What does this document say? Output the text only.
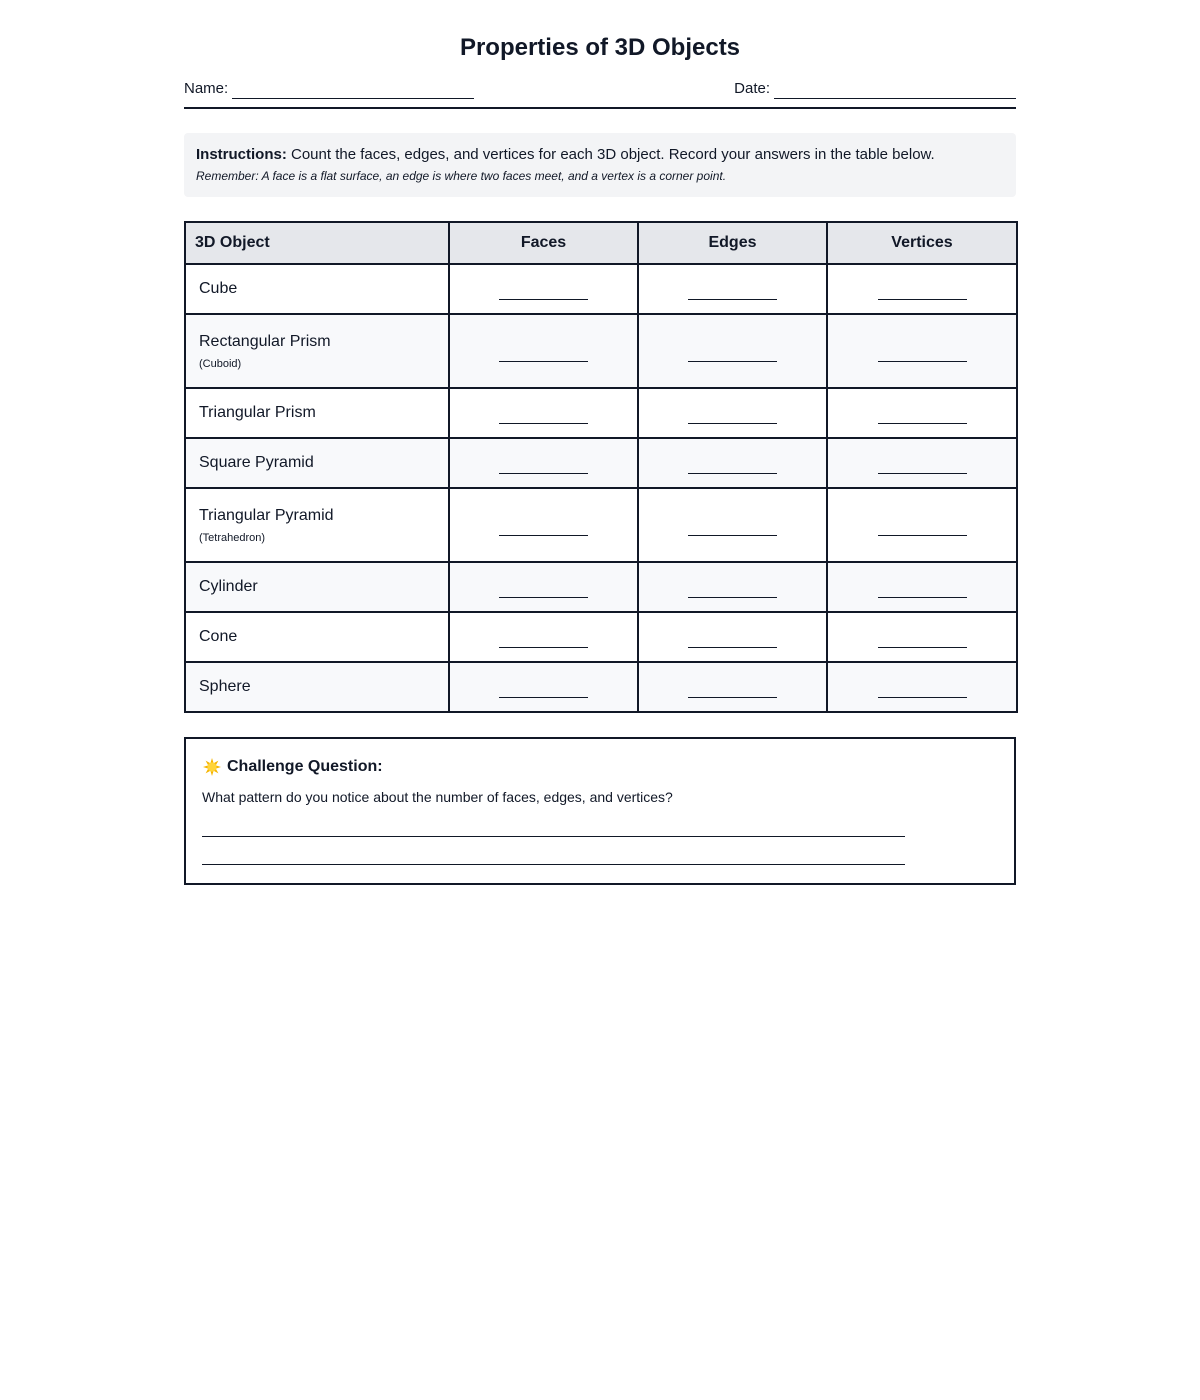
Properties of 3D Objects
Name:	Date:

Instructions: Count the faces, edges, and vertices for each 3D object. Record your answers in the table below.

Remember: A face is a flat surface, an edge is where two faces meet, and a vertex is a corner point.

3D Object	Faces	Edges	Vertices

Cube			

Rectangular Prism
(Cuboid)			

Triangular Prism			

Square Pyramid			

Triangular Pyramid
(Tetrahedron)			

Cylinder			

Cone			

Sphere			

Challenge Question:
What pattern do you notice about the number of faces, edges, and vertices?
